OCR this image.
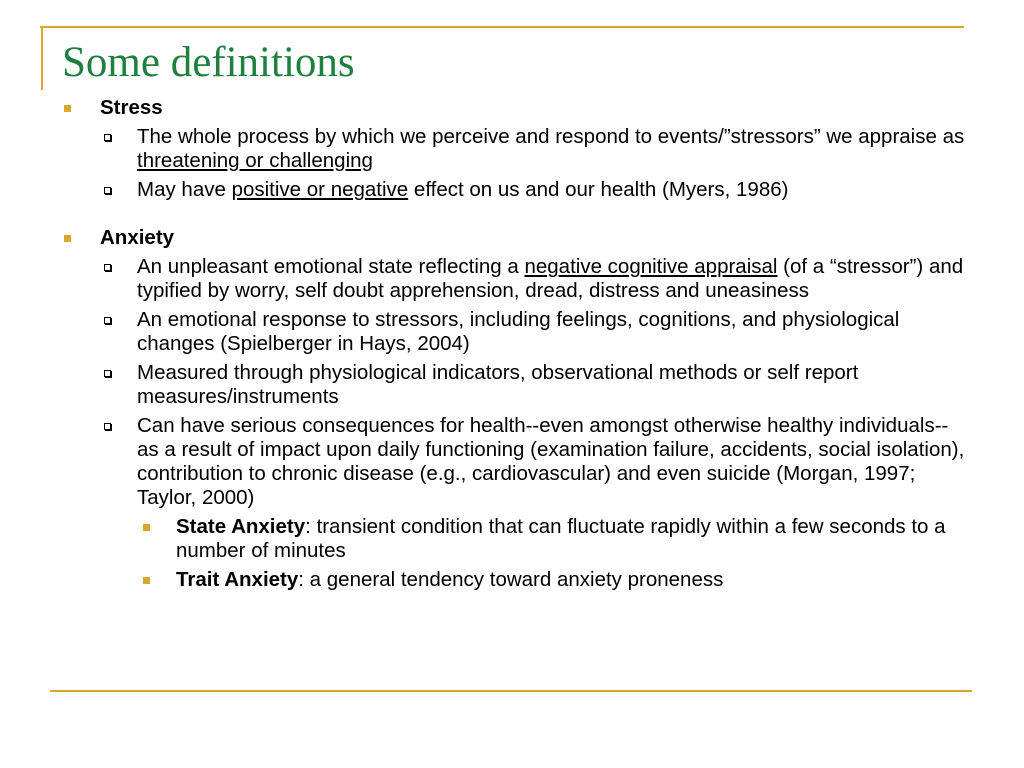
Some definitions
Stress
The whole process by which we perceive and respond to events/”stressors” we appraise as threatening or challenging
May have positive or negative effect on us and our health (Myers, 1986)
Anxiety
An unpleasant emotional state reflecting a negative cognitive appraisal (of a “stressor”) and typified by worry, self doubt apprehension, dread, distress and uneasiness
An emotional response to stressors, including feelings, cognitions, and physiological changes (Spielberger in Hays, 2004)
Measured through physiological indicators, observational methods or self report measures/instruments
Can have serious consequences for health--even amongst otherwise healthy individuals--as a result of impact upon daily functioning (examination failure, accidents, social isolation), contribution to chronic disease (e.g., cardiovascular) and even suicide (Morgan, 1997; Taylor, 2000)
State Anxiety: transient condition that can fluctuate rapidly within a few seconds to a number of minutes
Trait Anxiety: a general tendency toward anxiety proneness
